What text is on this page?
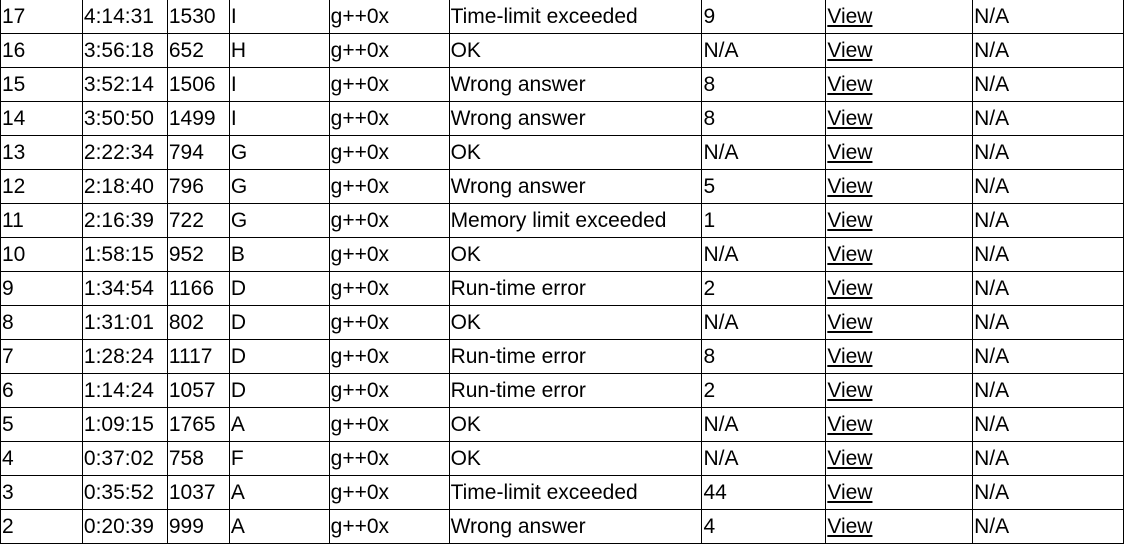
17	4:14:31	1530	I	g++0x	Time-limit exceeded	9	View	N/A
16	3:56:18	652	H	g++0x	OK	N/A	View	N/A
15	3:52:14	1506	I	g++0x	Wrong answer	8	View	N/A
14	3:50:50	1499	I	g++0x	Wrong answer	8	View	N/A
13	2:22:34	794	G	g++0x	OK	N/A	View	N/A
12	2:18:40	796	G	g++0x	Wrong answer	5	View	N/A
11	2:16:39	722	G	g++0x	Memory limit exceeded	1	View	N/A
10	1:58:15	952	B	g++0x	OK	N/A	View	N/A
9	1:34:54	1166	D	g++0x	Run-time error	2	View	N/A
8	1:31:01	802	D	g++0x	OK	N/A	View	N/A
7	1:28:24	1117	D	g++0x	Run-time error	8	View	N/A
6	1:14:24	1057	D	g++0x	Run-time error	2	View	N/A
5	1:09:15	1765	A	g++0x	OK	N/A	View	N/A
4	0:37:02	758	F	g++0x	OK	N/A	View	N/A
3	0:35:52	1037	A	g++0x	Time-limit exceeded	44	View	N/A
2	0:20:39	999	A	g++0x	Wrong answer	4	View	N/A
